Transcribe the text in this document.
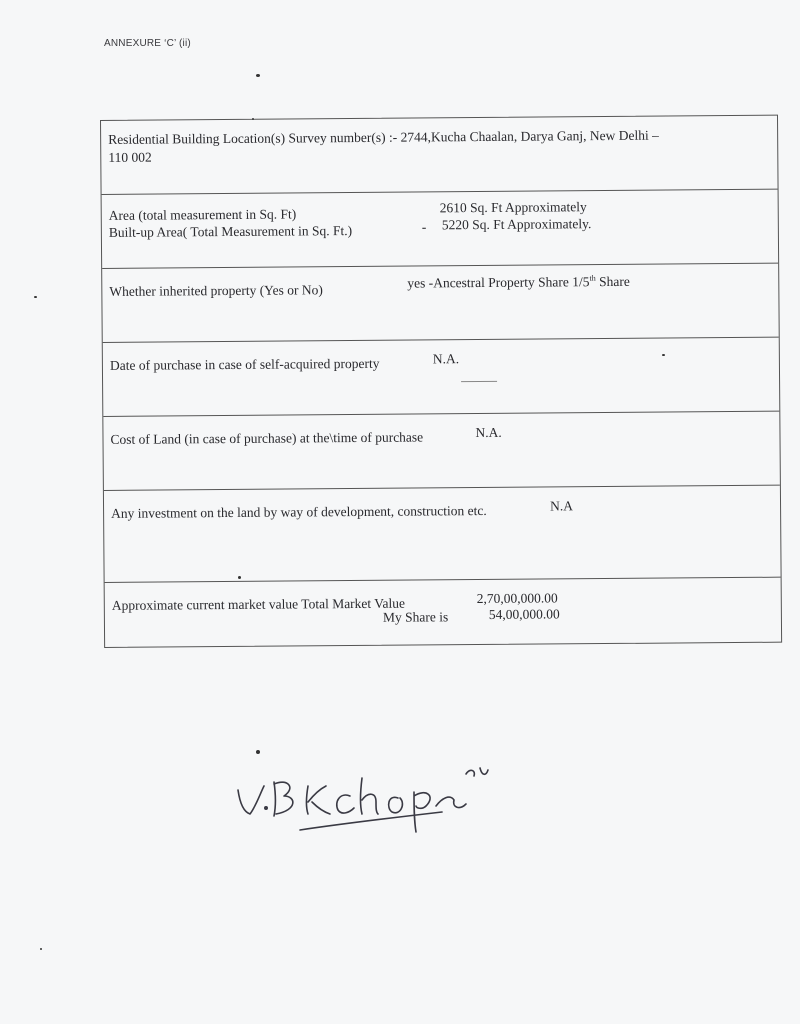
ANNEXURE ‘C’ (ii)
Residential Building Location(s) Survey number(s) :- 2744,Kucha Chaalan, Darya Ganj, New Delhi –
110 002
Area (total measurement in Sq. Ft)	2610 Sq. Ft Approximately
Built-up Area( Total Measurement in Sq. Ft.)	- 5220 Sq. Ft Approximately.
Whether inherited property (Yes or No)	yes -Ancestral Property Share 1/5th Share
Date of purchase in case of self-acquired property	N.A.
Cost of Land (in case of purchase) at the\time of purchase	N.A.
Any investment on the land by way of development, construction etc.	N.A
Approximate current market value Total Market Value	2,70,00,000.00
My Share is	54,00,000.00
